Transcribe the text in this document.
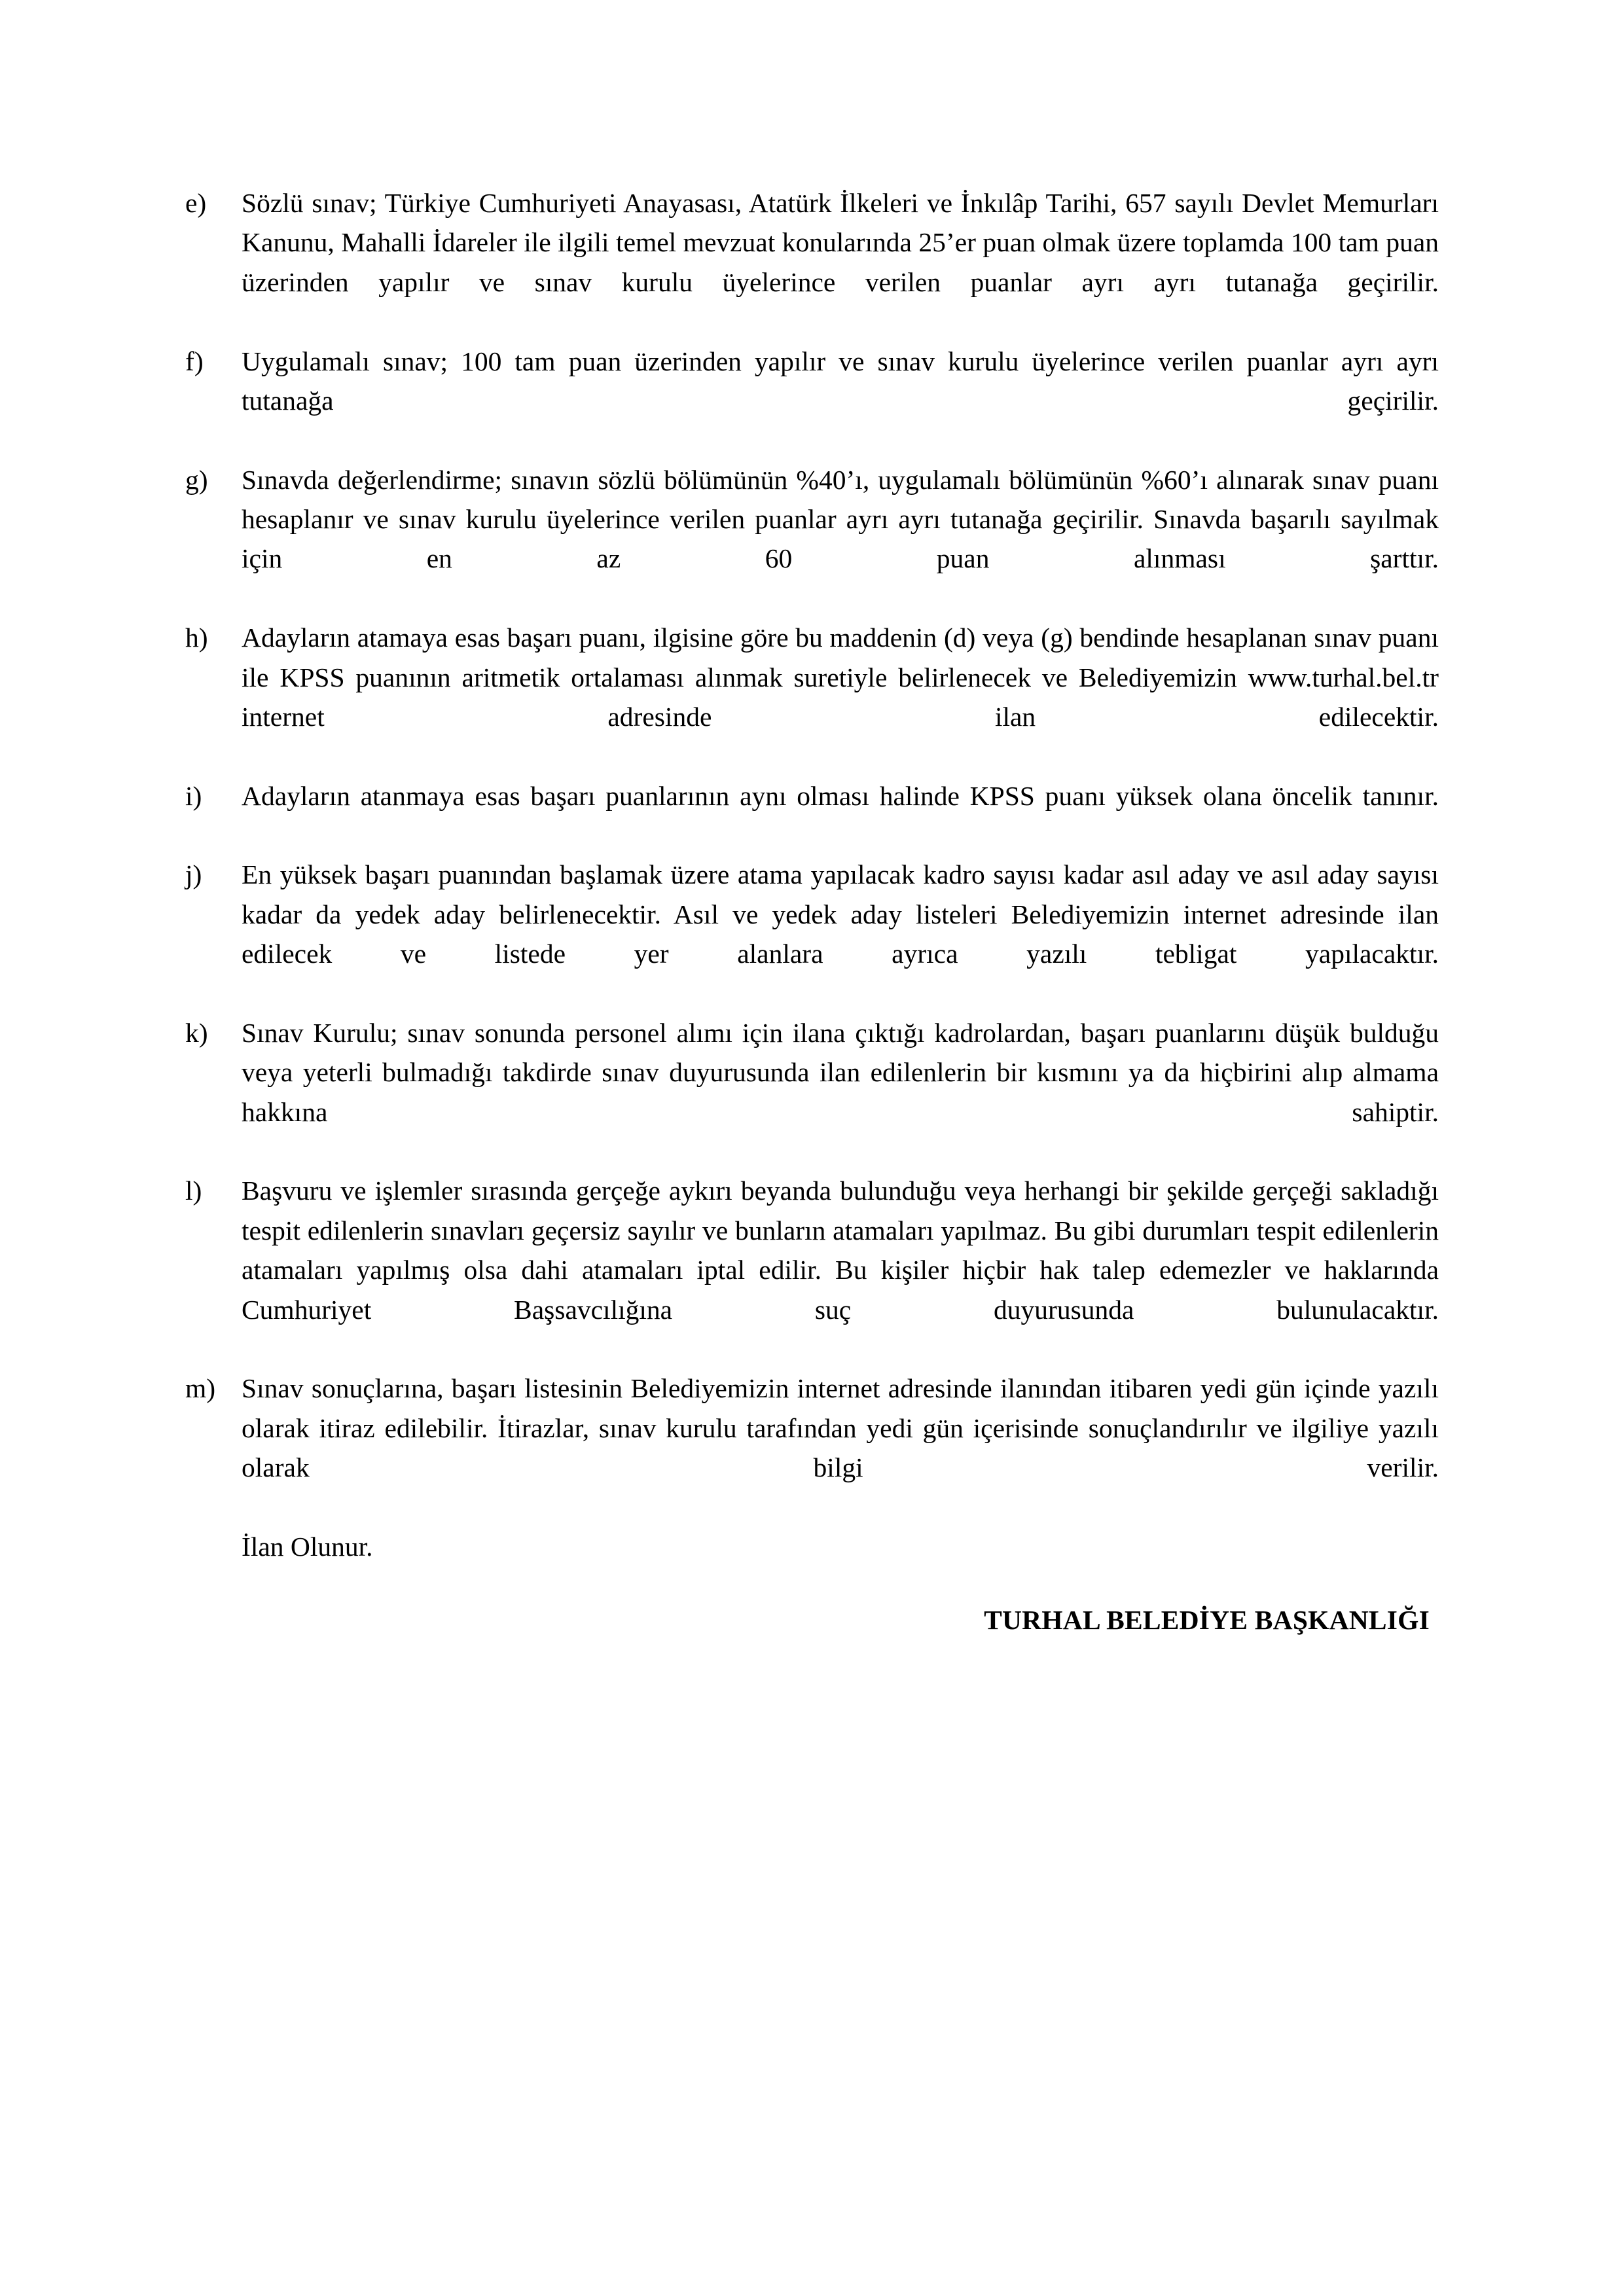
e)	Sözlü sınav; Türkiye Cumhuriyeti Anayasası, Atatürk İlkeleri ve İnkılâp Tarihi, 657 sayılı Devlet Memurları Kanunu, Mahalli İdareler ile ilgili temel mevzuat konularında 25’er puan olmak üzere toplamda 100 tam puan üzerinden yapılır ve sınav kurulu üyelerince verilen puanlar ayrı ayrı tutanağa geçirilir.
f)	Uygulamalı sınav; 100 tam puan üzerinden yapılır ve sınav kurulu üyelerince verilen puanlar ayrı ayrı tutanağa geçirilir.
g)	Sınavda değerlendirme; sınavın sözlü bölümünün %40’ı, uygulamalı bölümünün %60’ı alınarak sınav puanı hesaplanır ve sınav kurulu üyelerince verilen puanlar ayrı ayrı tutanağa geçirilir. Sınavda başarılı sayılmak için en az 60 puan alınması şarttır.
h)	Adayların atamaya esas başarı puanı, ilgisine göre bu maddenin (d) veya (g) bendinde hesaplanan sınav puanı ile KPSS puanının aritmetik ortalaması alınmak suretiyle belirlenecek ve Belediyemizin www.turhal.bel.tr internet adresinde ilan edilecektir.
i)	Adayların atanmaya esas başarı puanlarının aynı olması halinde KPSS puanı yüksek olana öncelik tanınır.
j)	En yüksek başarı puanından başlamak üzere atama yapılacak kadro sayısı kadar asıl aday ve asıl aday sayısı kadar da yedek aday belirlenecektir. Asıl ve yedek aday listeleri Belediyemizin internet adresinde ilan edilecek ve listede yer alanlara ayrıca yazılı tebligat yapılacaktır.
k)	Sınav Kurulu; sınav sonunda personel alımı için ilana çıktığı kadrolardan, başarı puanlarını düşük bulduğu veya yeterli bulmadığı takdirde sınav duyurusunda ilan edilenlerin bir kısmını ya da hiçbirini alıp almama hakkına sahiptir.
l)	Başvuru ve işlemler sırasında gerçeğe aykırı beyanda bulunduğu veya herhangi bir şekilde gerçeği sakladığı tespit edilenlerin sınavları geçersiz sayılır ve bunların atamaları yapılmaz. Bu gibi durumları tespit edilenlerin atamaları yapılmış olsa dahi atamaları iptal edilir. Bu kişiler hiçbir hak talep edemezler ve haklarında Cumhuriyet Başsavcılığına suç duyurusunda bulunulacaktır.
m) Sınav sonuçlarına, başarı listesinin Belediyemizin internet adresinde ilanından itibaren yedi gün içinde yazılı olarak itiraz edilebilir. İtirazlar, sınav kurulu tarafından yedi gün içerisinde sonuçlandırılır ve ilgiliye yazılı olarak bilgi verilir.
İlan Olunur.
TURHAL BELEDİYE BAŞKANLIĞI
